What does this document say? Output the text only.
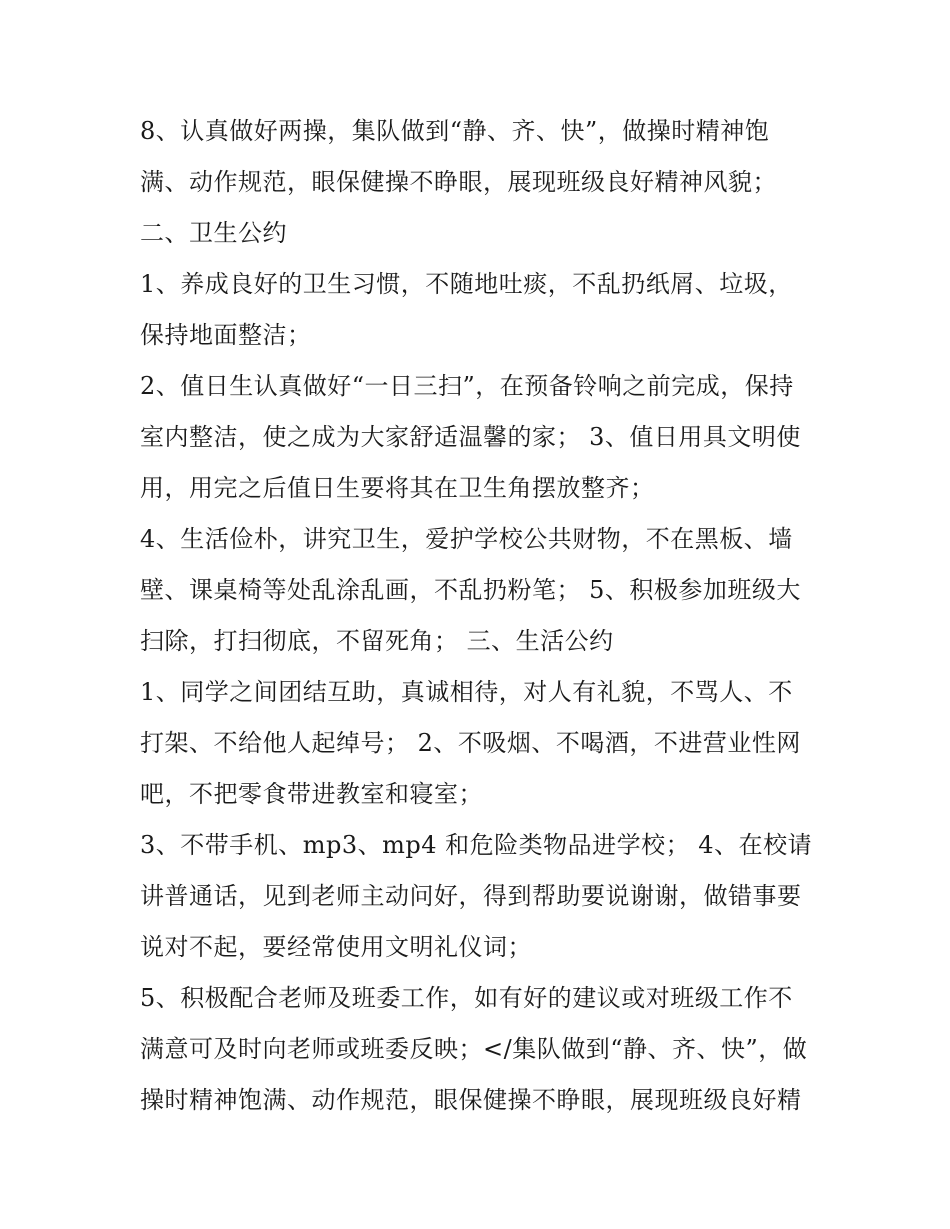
8、认真做好两操，集队做到“静、齐、快”，做操时精神饱
满、动作规范，眼保健操不睁眼，展现班级良好精神风貌；
二、卫生公约
1、养成良好的卫生习惯，不随地吐痰，不乱扔纸屑、垃圾，
保持地面整洁；
2、值日生认真做好“一日三扫”，在预备铃响之前完成，保持
室内整洁，使之成为大家舒适温馨的家； 3、值日用具文明使
用，用完之后值日生要将其在卫生角摆放整齐；
4、生活俭朴，讲究卫生，爱护学校公共财物，不在黑板、墙
壁、课桌椅等处乱涂乱画，不乱扔粉笔； 5、积极参加班级大
扫除，打扫彻底，不留死角； 三、生活公约
1、同学之间团结互助，真诚相待，对人有礼貌，不骂人、不
打架、不给他人起绰号； 2、不吸烟、不喝酒，不进营业性网
吧，不把零食带进教室和寝室；
3、不带手机、mp3、mp4 和危险类物品进学校； 4、在校请
讲普通话，见到老师主动问好，得到帮助要说谢谢，做错事要
说对不起，要经常使用文明礼仪词；
5、积极配合老师及班委工作，如有好的建议或对班级工作不
满意可及时向老师或班委反映；</集队做到“静、齐、快”，做
操时精神饱满、动作规范，眼保健操不睁眼，展现班级良好精
